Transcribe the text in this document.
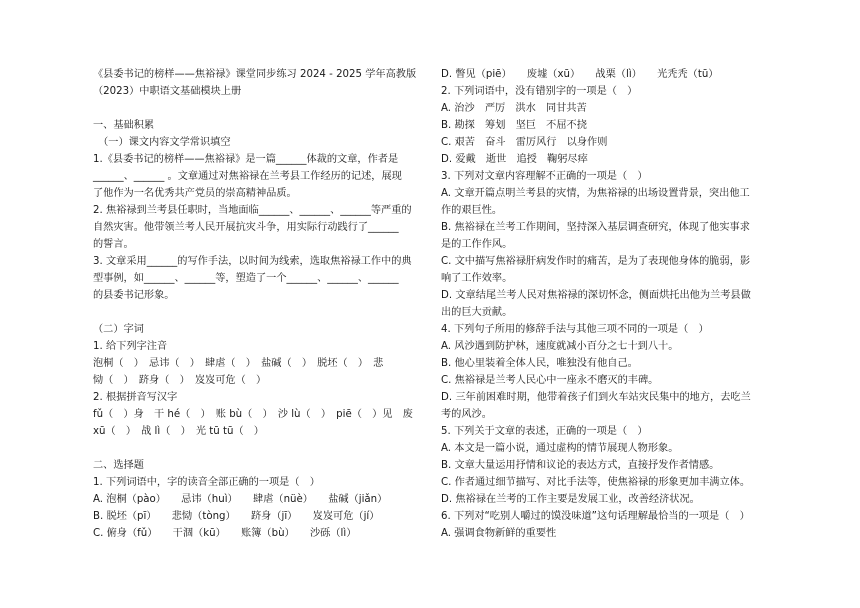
《县委书记的榜样——焦裕禄》课堂同步练习 2024 - 2025 学年高教版
（2023）中职语文基础模块上册
一、基础积累
　（一）课文内容文学常识填空
1.《县委书记的榜样——焦裕禄》是一篇______体裁的文章，作者是
______、______ 。文章通过对焦裕禄在兰考县工作经历的记述，展现
了他作为一名优秀共产党员的崇高精神品质。
2. 焦裕禄到兰考县任职时，当地面临______、______、______等严重的
自然灾害。他带领兰考人民开展抗灾斗争，用实际行动践行了______
的誓言。
3. 文章采用______的写作手法，以时间为线索，选取焦裕禄工作中的典
型事例，如______、______等，塑造了一个______、______、______
的县委书记形象。
（二）字词
1. 给下列字注音
泡桐（　）　忌讳（　）　肆虐（　）　盐碱（　）　脱坯（　）　悲
恸（　）　跻身（　）　岌岌可危（　）
2. 根据拼音写汉字
fǔ（　）身　干 hé（　）　账 bù（　）　沙 lù（　）　piē（　）见　废
xū（　）　战 lì（　）　光 tū tū（　）
二、选择题
1. 下列词语中，字的读音全部正确的一项是（　）
A. 泡桐（pào）　　忌讳（huì）　　肆虐（nüè）　　盐碱（jiǎn）
B. 脱坯（pī）　　悲恸（tòng）　　跻身（jī）　　岌岌可危（jí）
C. 俯身（fǔ）　　干涸（kū）　　账簿（bù）　　沙砾（lì）
D. 瞥见（piē）　　废墟（xū）　　战栗（lì）　　光秃秃（tū）
2. 下列词语中，没有错别字的一项是（　）
A. 治沙　严厉　洪水　同甘共苦
B. 勘探　筹划　坚巨　不屈不挠
C. 艰苦　奋斗　雷厉风行　以身作则
D. 爱戴　逝世　追授　鞠躬尽瘁
3. 下列对文章内容理解不正确的一项是（　）
A. 文章开篇点明兰考县的灾情，为焦裕禄的出场设置背景，突出他工
作的艰巨性。
B. 焦裕禄在兰考工作期间，坚持深入基层调查研究，体现了他实事求
是的工作作风。
C. 文中描写焦裕禄肝病发作时的痛苦，是为了表现他身体的脆弱，影
响了工作效率。
D. 文章结尾兰考人民对焦裕禄的深切怀念，侧面烘托出他为兰考县做
出的巨大贡献。
4. 下列句子所用的修辞手法与其他三项不同的一项是（　）
A. 风沙遇到防护林，速度就减小百分之七十到八十。
B. 他心里装着全体人民，唯独没有他自己。
C. 焦裕禄是兰考人民心中一座永不磨灭的丰碑。
D. 三年前困难时期，他带着孩子们到火车站灾民集中的地方，去吃兰
考的风沙。
5. 下列关于文章的表述，正确的一项是（　）
A. 本文是一篇小说，通过虚构的情节展现人物形象。
B. 文章大量运用抒情和议论的表达方式，直接抒发作者情感。
C. 作者通过细节描写、对比手法等，使焦裕禄的形象更加丰满立体。
D. 焦裕禄在兰考的工作主要是发展工业，改善经济状况。
6. 下列对“吃别人嚼过的馍没味道”这句话理解最恰当的一项是（　）
A. 强调食物新鲜的重要性
